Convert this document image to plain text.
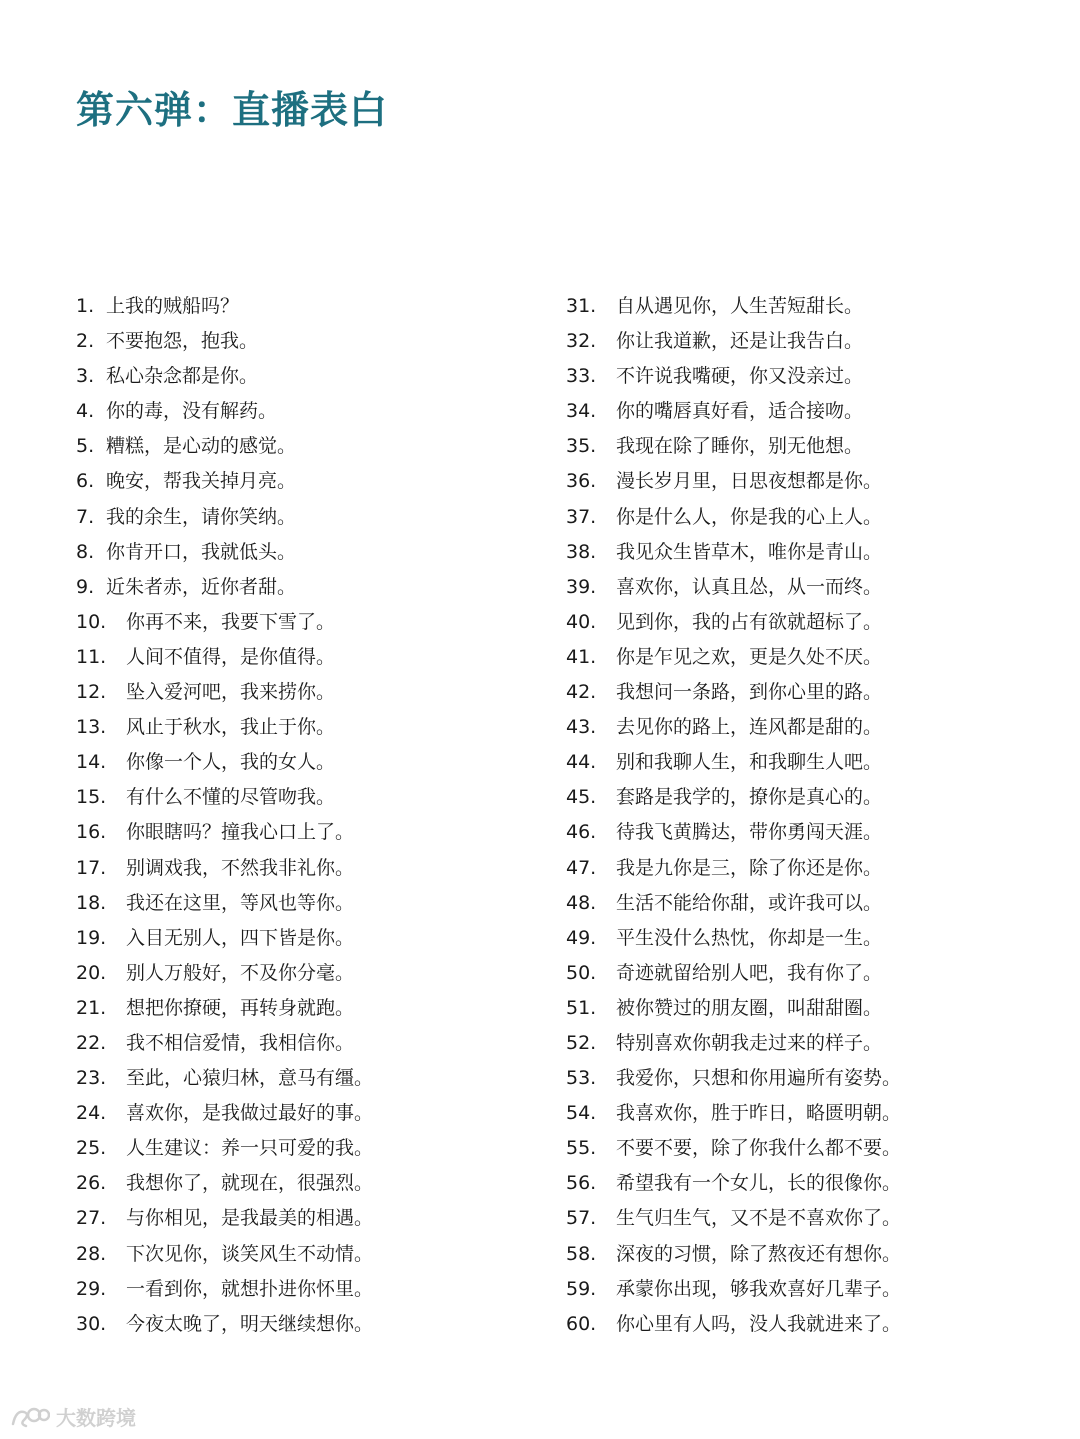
第六弹：直播表白
1. 上我的贼船吗？
2. 不要抱怨，抱我。
3. 私心杂念都是你。
4. 你的毒，没有解药。
5. 糟糕，是心动的感觉。
6. 晚安，帮我关掉月亮。
7. 我的余生，请你笑纳。
8. 你肯开口，我就低头。
9. 近朱者赤，近你者甜。
10.	你再不来，我要下雪了。
11.	人间不值得，是你值得。
12.	坠入爱河吧，我来捞你。
13.	风止于秋水，我止于你。
14.	你像一个人，我的女人。
15.	有什么不懂的尽管吻我。
16.	你眼瞎吗？撞我心口上了。
17.	别调戏我，不然我非礼你。
18.	我还在这里，等风也等你。
19.	入目无别人，四下皆是你。
20.	别人万般好，不及你分毫。
21.	想把你撩硬，再转身就跑。
22.	我不相信爱情，我相信你。
23.	至此，心猿归林，意马有缰。
24.	喜欢你，是我做过最好的事。
25.	人生建议：养一只可爱的我。
26.	我想你了，就现在，很强烈。
27.	与你相见，是我最美的相遇。
28.	下次见你，谈笑风生不动情。
29.	一看到你，就想扑进你怀里。
30.	今夜太晚了，明天继续想你。
31.	自从遇见你，人生苦短甜长。
32.	你让我道歉，还是让我告白。
33.	不许说我嘴硬，你又没亲过。
34.	你的嘴唇真好看，适合接吻。
35.	我现在除了睡你，别无他想。
36.	漫长岁月里，日思夜想都是你。
37.	你是什么人，你是我的心上人。
38.	我见众生皆草木，唯你是青山。
39.	喜欢你，认真且怂，从一而终。
40.	见到你，我的占有欲就超标了。
41.	你是乍见之欢，更是久处不厌。
42.	我想问一条路，到你心里的路。
43.	去见你的路上，连风都是甜的。
44.	别和我聊人生，和我聊生人吧。
45.	套路是我学的，撩你是真心的。
46.	待我飞黄腾达，带你勇闯天涯。
47.	我是九你是三，除了你还是你。
48.	生活不能给你甜，或许我可以。
49.	平生没什么热忱，你却是一生。
50.	奇迹就留给别人吧，我有你了。
51.	被你赞过的朋友圈，叫甜甜圈。
52.	特别喜欢你朝我走过来的样子。
53.	我爱你，只想和你用遍所有姿势。
54.	我喜欢你，胜于昨日，略匮明朝。
55.	不要不要，除了你我什么都不要。
56.	希望我有一个女儿，长的很像你。
57.	生气归生气，又不是不喜欢你了。
58.	深夜的习惯，除了熬夜还有想你。
59.	承蒙你出现，够我欢喜好几辈子。
60.	你心里有人吗，没人我就进来了。
大数跨境
